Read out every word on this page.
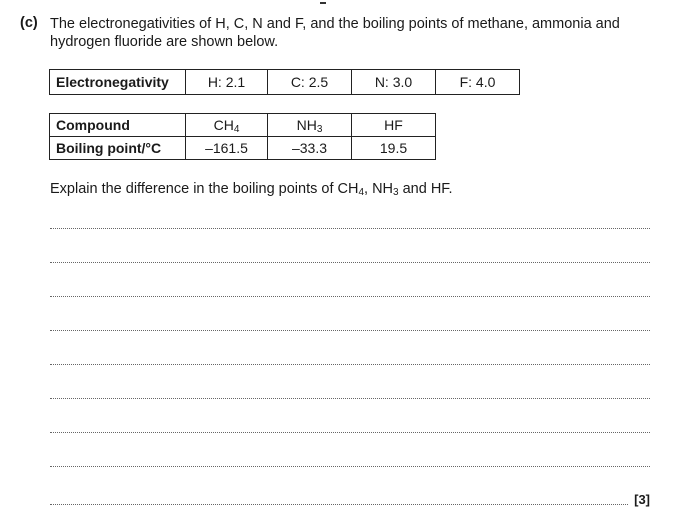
(c) The electronegativities of H, C, N and F, and the boiling points of methane, ammonia and hydrogen fluoride are shown below.
Electronegativity	H: 2.1	C: 2.5	N: 3.0	F: 4.0
Compound	$CH_4$	$NH_3$	HF
Boiling point/°C	–161.5	–33.3	19.5
Explain the difference in the boiling points of $CH_4$, $NH_3$ and HF.
[3]
